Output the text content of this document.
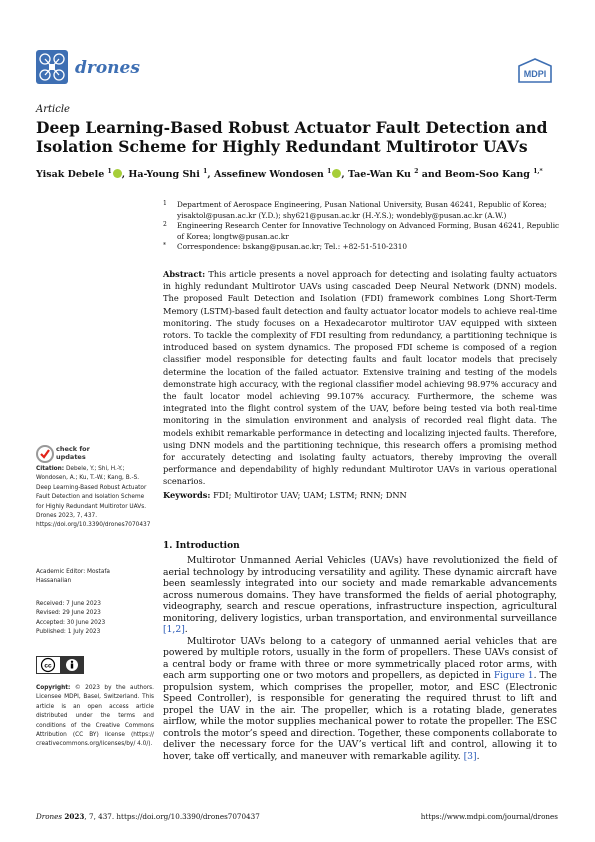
drones	MDPI
Article
Deep Learning-Based Robust Actuator Fault Detection and Isolation Scheme for Highly Redundant Multirotor UAVs
Yisak Debele $^1$ , Ha-Young Shi $^1$, Assefinew Wondosen $^1$ , Tae-Wan Ku $^2$ and Beom-Soo Kang $^{1,*}$
1 Department of Aerospace Engineering, Pusan National University, Busan 46241, Republic of Korea; yisaktol@pusan.ac.kr (Y.D.); shy621@pusan.ac.kr (H.-Y.S.); wondebly@pusan.ac.kr (A.W.)
2 Engineering Research Center for Innovative Technology on Advanced Forming, Busan 46241, Republic of Korea; longtw@pusan.ac.kr
* Correspondence: bskang@pusan.ac.kr; Tel.: +82-51-510-2310
Abstract: This article presents a novel approach for detecting and isolating faulty actuators in highly redundant Multirotor UAVs using cascaded Deep Neural Network (DNN) models. The proposed Fault Detection and Isolation (FDI) framework combines Long Short-Term Memory (LSTM)-based fault detection and faulty actuator locator models to achieve real-time monitoring. The study focuses on a Hexadecarotor multirotor UAV equipped with sixteen rotors. To tackle the complexity of FDI resulting from redundancy, a partitioning technique is introduced based on system dynamics. The proposed FDI scheme is composed of a region classifier model responsible for detecting faults and fault locator models that precisely determine the location of the failed actuator. Extensive training and testing of the models demonstrate high accuracy, with the regional classifier model achieving 98.97% accuracy and the fault locator model achieving 99.107% accuracy. Furthermore, the scheme was integrated into the flight control system of the UAV, before being tested via both real-time monitoring in the simulation environment and analysis of recorded real flight data. The models exhibit remarkable performance in detecting and localizing injected faults. Therefore, using DNN models and the partitioning technique, this research offers a promising method for accurately detecting and isolating faulty actuators, thereby improving the overall performance and dependability of highly redundant Multirotor UAVs in various operational scenarios.
Keywords: FDI; Multirotor UAV; UAM; LSTM; RNN; DNN
1. Introduction

Multirotor Unmanned Aerial Vehicles (UAVs) have revolutionized the field of aerial technology by introducing versatility and agility. These dynamic aircraft have been seamlessly integrated into our society and made remarkable advancements across numerous domains. They have transformed the fields of aerial photography, videography, search and rescue operations, infrastructure inspection, agricultural monitoring, delivery logistics, urban transportation, and environmental surveillance [1,2].

Multirotor UAVs belong to a category of unmanned aerial vehicles that are powered by multiple rotors, usually in the form of propellers. These UAVs consist of a central body or frame with three or more symmetrically placed rotor arms, with each arm supporting one or two motors and propellers, as depicted in Figure 1. The propulsion system, which comprises the propeller, motor, and ESC (Electronic Speed Controller), is responsible for generating the required thrust to lift and propel the UAV in the air. The propeller, which is a rotating blade, generates airflow, while the motor supplies mechanical power to rotate the propeller. The ESC controls the motor’s speed and direction. Together, these components collaborate to deliver the necessary force for the UAV’s vertical lift and control, allowing it to hover, take off vertically, and maneuver with remarkable agility. [3].

check for
updates
Citation: Debele, Y.; Shi, H.-Y.; Wondosen, A.; Ku, T.-W.; Kang, B.-S. Deep Learning-Based Robust Actuator Fault Detection and Isolation Scheme for Highly Redundant Multirotor UAVs. Drones 2023, 7, 437. https://doi.org/10.3390/drones7070437
Academic Editor: Mostafa
Hassanalian
Received: 7 June 2023
Revised: 29 June 2023
Accepted: 30 June 2023
Published: 1 July 2023
cc
Copyright: © 2023 by the authors. Licensee MDPI, Basel, Switzerland. This article is an open access article distributed under the terms and conditions of the Creative Commons Attribution (CC BY) license (https:// creativecommons.org/licenses/by/ 4.0/).
Drones 2023, 7, 437. https://doi.org/10.3390/drones7070437	https://www.mdpi.com/journal/drones
